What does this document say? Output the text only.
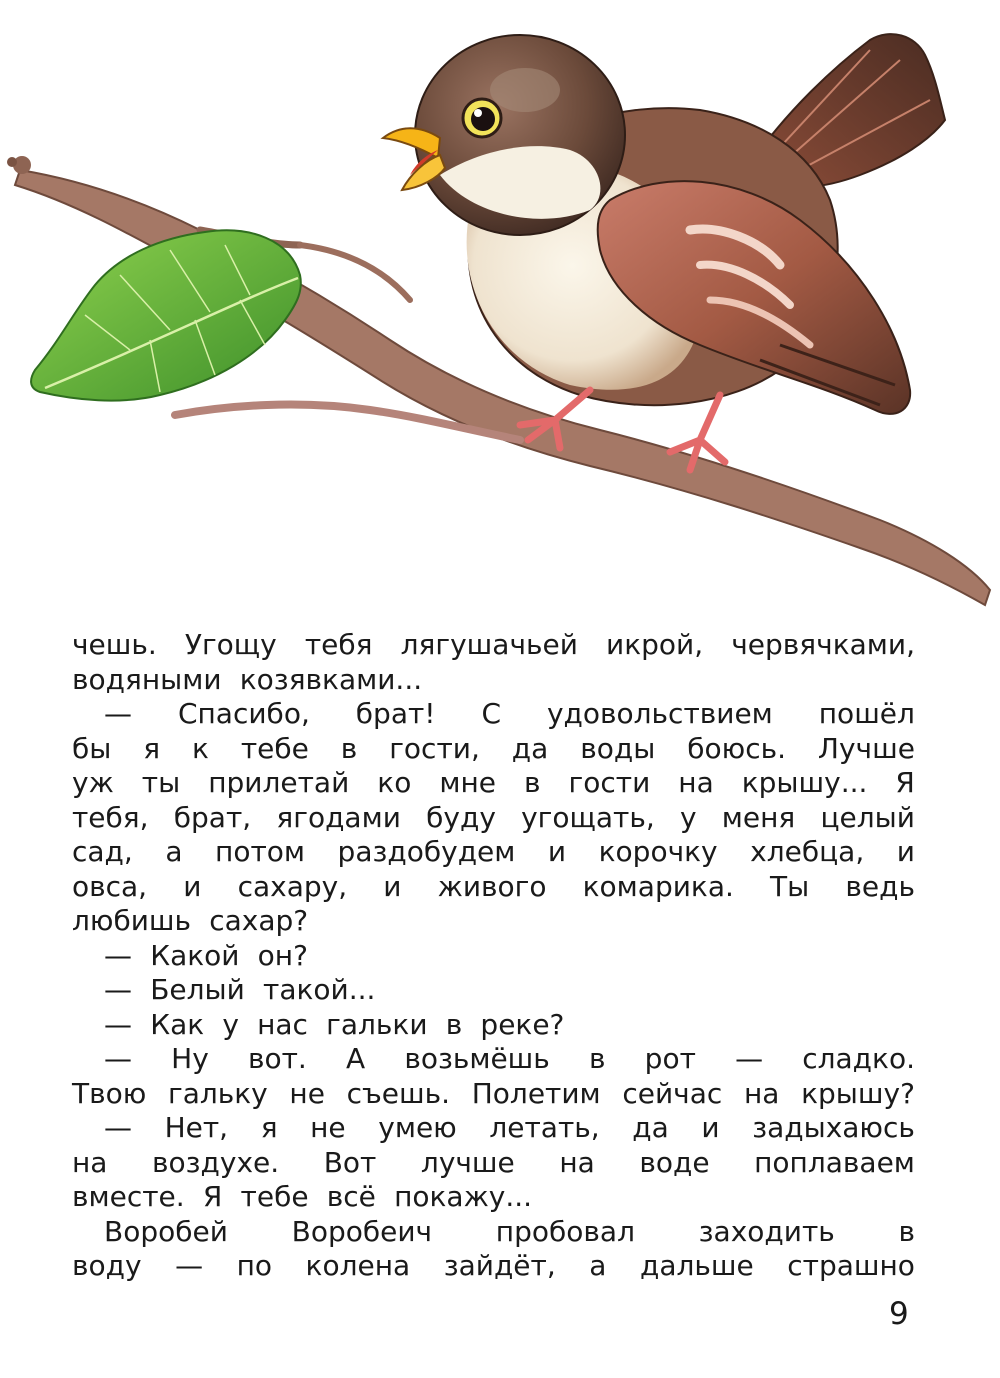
чешь. Угощу тебя лягушачьей икрой, червячками,
водяными козявками...
— Спасибо, брат! С удовольствием пошёл
бы я к тебе в гости, да воды боюсь. Лучше
уж ты прилетай ко мне в гости на крышу... Я
тебя, брат, ягодами буду угощать, у меня целый
сад, а потом раздобудем и корочку хлебца, и
овса, и сахару, и живого комарика. Ты ведь
любишь сахар?
— Какой он?
— Белый такой...
— Как у нас гальки в реке?
— Ну вот. А возьмёшь в рот — сладко.
Твою гальку не съешь. Полетим сейчас на крышу?
— Нет, я не умею летать, да и задыхаюсь
на воздухе. Вот лучше на воде поплаваем
вместе. Я тебе всё покажу...
Воробей Воробеич пробовал заходить в
воду — по колена зайдёт, а дальше страшно
9
